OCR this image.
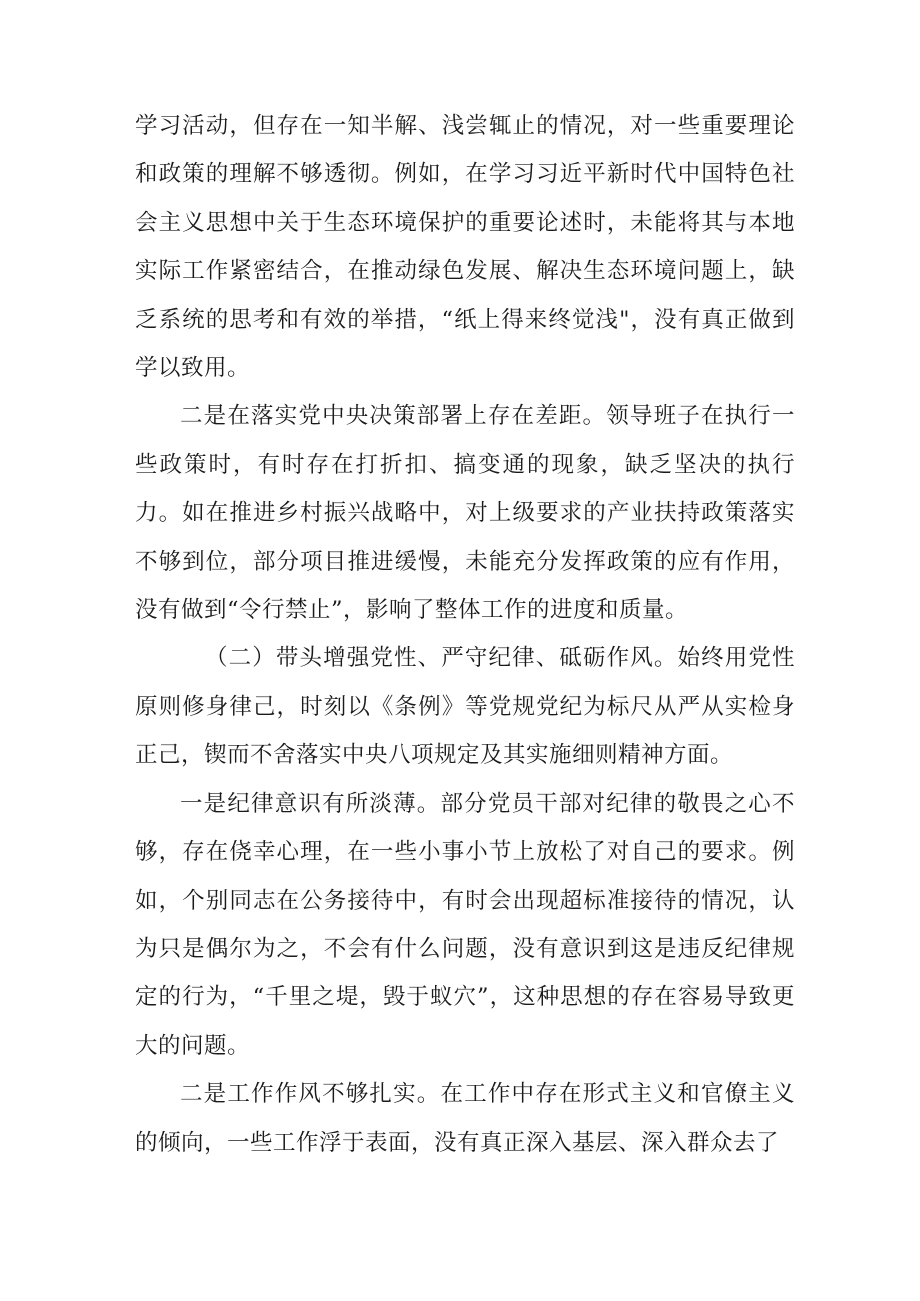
学习活动，但存在一知半解、浅尝辄止的情况，对一些重要理论和政策的理解不够透彻。例如，在学习习近平新时代中国特色社会主义思想中关于生态环境保护的重要论述时，未能将其与本地实际工作紧密结合，在推动绿色发展、解决生态环境问题上，缺乏系统的思考和有效的举措，“纸上得来终觉浅"，没有真正做到学以致用。

二是在落实党中央决策部署上存在差距。领导班子在执行一些政策时，有时存在打折扣、搞变通的现象，缺乏坚决的执行力。如在推进乡村振兴战略中，对上级要求的产业扶持政策落实不够到位，部分项目推进缓慢，未能充分发挥政策的应有作用，没有做到“令行禁止”，影响了整体工作的进度和质量。

（二）带头增强党性、严守纪律、砥砺作风。始终用党性原则修身律己，时刻以《条例》等党规党纪为标尺从严从实检身正己，锲而不舍落实中央八项规定及其实施细则精神方面。

一是纪律意识有所淡薄。部分党员干部对纪律的敬畏之心不够，存在侥幸心理，在一些小事小节上放松了对自己的要求。例如，个别同志在公务接待中，有时会出现超标准接待的情况，认为只是偶尔为之，不会有什么问题，没有意识到这是违反纪律规定的行为，“千里之堤，毁于蚁穴”，这种思想的存在容易导致更大的问题。

二是工作作风不够扎实。在工作中存在形式主义和官僚主义的倾向，一些工作浮于表面，没有真正深入基层、深入群众去了
